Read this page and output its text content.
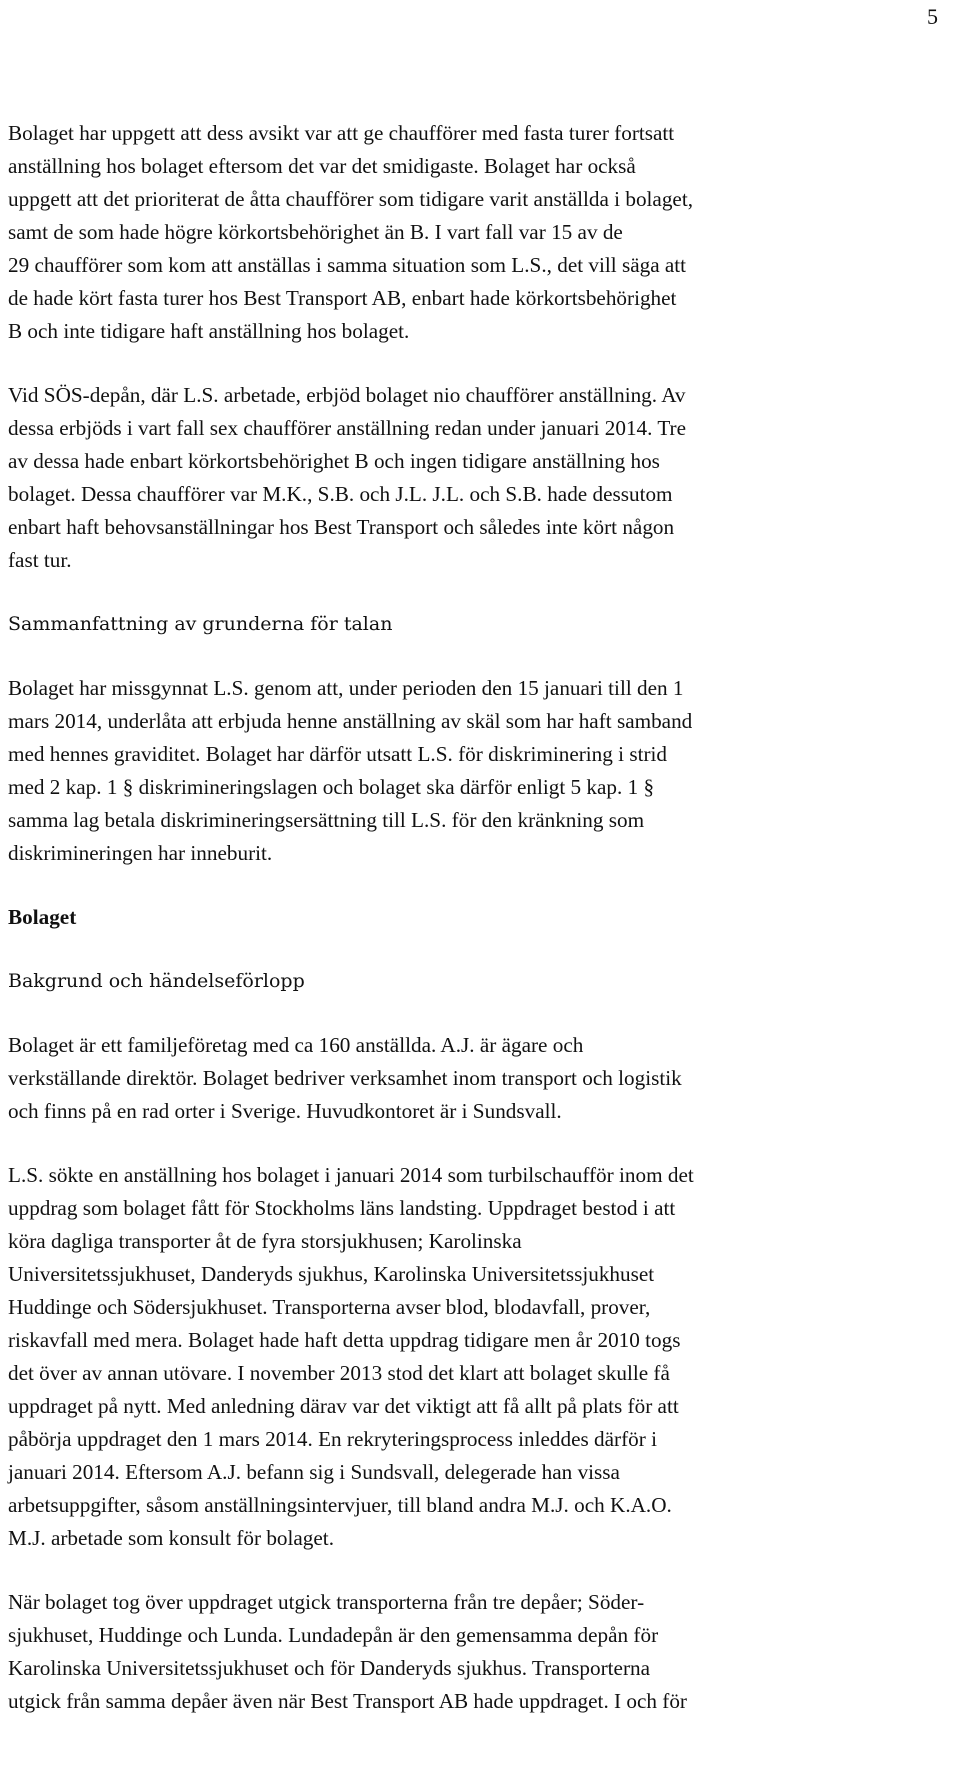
5
Bolaget har uppgett att dess avsikt var att ge chaufförer med fasta turer fortsatt
anställning hos bolaget eftersom det var det smidigaste. Bolaget har också
uppgett att det prioriterat de åtta chaufförer som tidigare varit anställda i bolaget,
samt de som hade högre körkortsbehörighet än B. I vart fall var 15 av de
29 chaufförer som kom att anställas i samma situation som L.S., det vill säga att
de hade kört fasta turer hos Best Transport AB, enbart hade körkortsbehörighet
B och inte tidigare haft anställning hos bolaget.
Vid SÖS-depån, där L.S. arbetade, erbjöd bolaget nio chaufförer anställning. Av
dessa erbjöds i vart fall sex chaufförer anställning redan under januari 2014. Tre
av dessa hade enbart körkortsbehörighet B och ingen tidigare anställning hos
bolaget. Dessa chaufförer var M.K., S.B. och J.L. J.L. och S.B. hade dessutom
enbart haft behovsanställningar hos Best Transport och således inte kört någon
fast tur.
Sammanfattning av grunderna för talan
Bolaget har missgynnat L.S. genom att, under perioden den 15 januari till den 1
mars 2014, underlåta att erbjuda henne anställning av skäl som har haft samband
med hennes graviditet. Bolaget har därför utsatt L.S. för diskriminering i strid
med 2 kap. 1 § diskrimineringslagen och bolaget ska därför enligt 5 kap. 1 §
samma lag betala diskrimineringsersättning till L.S. för den kränkning som
diskrimineringen har inneburit.
Bolaget
Bakgrund och händelseförlopp
Bolaget är ett familjeföretag med ca 160 anställda. A.J. är ägare och
verkställande direktör. Bolaget bedriver verksamhet inom transport och logistik
och finns på en rad orter i Sverige. Huvudkontoret är i Sundsvall.
L.S. sökte en anställning hos bolaget i januari 2014 som turbilschaufför inom det
uppdrag som bolaget fått för Stockholms läns landsting. Uppdraget bestod i att
köra dagliga transporter åt de fyra storsjukhusen; Karolinska
Universitetssjukhuset, Danderyds sjukhus, Karolinska Universitetssjukhuset
Huddinge och Södersjukhuset. Transporterna avser blod, blodavfall, prover,
riskavfall med mera. Bolaget hade haft detta uppdrag tidigare men år 2010 togs
det över av annan utövare. I november 2013 stod det klart att bolaget skulle få
uppdraget på nytt. Med anledning därav var det viktigt att få allt på plats för att
påbörja uppdraget den 1 mars 2014. En rekryteringsprocess inleddes därför i
januari 2014. Eftersom A.J. befann sig i Sundsvall, delegerade han vissa
arbetsuppgifter, såsom anställningsintervjuer, till bland andra M.J. och K.A.O.
M.J. arbetade som konsult för bolaget.
När bolaget tog över uppdraget utgick transporterna från tre depåer; Söder-
sjukhuset, Huddinge och Lunda. Lundadepån är den gemensamma depån för
Karolinska Universitetssjukhuset och för Danderyds sjukhus. Transporterna
utgick från samma depåer även när Best Transport AB hade uppdraget. I och för
